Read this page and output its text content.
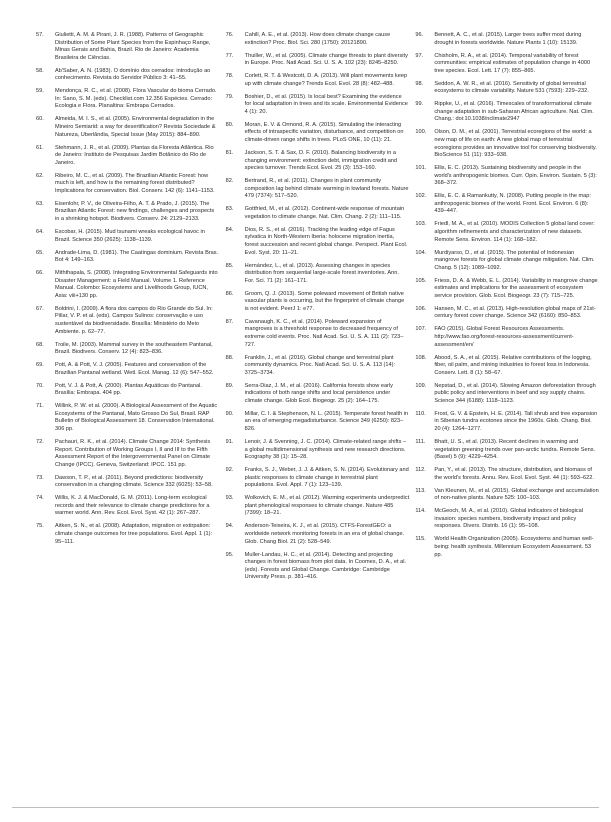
57.	Giulietti, A. M. & Pirani, J. R. (1988). Patterns of Geographic Distribution of Some Plant Species from the Espinhaço Range, Minas Gerais and Bahia, Brazil. Rio de Janeiro: Academia Brasileira de Ciências.
58.	Ab'Saber, A. N. (1983). O domínio dos cerrados: introdução ao conhecimento. Revista do Servidor Público 3: 41–55.
59.	Mendonça, R. C., et al. (2008). Flora Vascular do bioma Cerrado. In: Sano, S. M. (eds). Checklist.com 12.356 Espécies. Cerrado: Ecologia e Flora. Planaltina: Embrapa Cerrados.
60.	Almeida, M. I. S., et al. (2005). Environmental degradation in the Mineiro Semiarid: a way for desertification? Revista Sociedade & Natureza, Uberlândia, Special Issue (May 2015): 884–890.
61.	Stehmann, J. R., et al. (2009). Plantas da Floresta Atlântica. Rio de Janeiro: Instituto de Pesquisas Jardim Botânico do Rio de Janeiro.
62.	Ribeiro, M. C., et al. (2009). The Brazilian Atlantic Forest: how much is left, and how is the remaining forest distributed? Implications for conservation. Biol. Conserv. 142 (6): 1141–1153.
63.	Eisenlohr, P. V., de Oliveira-Filho, A. T. & Prado, J. (2015). The Brazilian Atlantic Forest: new findings, challenges and prospects in a shrinking hotspot. Biodivers. Conserv. 24: 2129–2133.
64.	Escobar, H. (2015). Mud tsunami wreaks ecological havoc in Brazil. Science 350 (2625): 1138–1139.
65.	Andrade-Lima, D. (1981). The Caatingas dominium. Revista Bras. Bot 4: 149–163.
66.	Miththapala, S. (2008). Integrating Environmental Safeguards into Disaster Management: a Field Manual. Volume 1. Reference Manual. Colombo: Ecosystems and Livelihoods Group, IUCN, Asia: viii+130 pp.
67.	Boldrini, I. (2009). A flora dos campos do Rio Grande do Sul. In: Pillar, V. P. et al. (eds). Campos Sulinos: conservação e uso sustentável da biodiversidade. Brasília: Ministério do Meio Ambiente. p. 62–77.
68.	Troile, M. (2003). Mammal survey in the southeastern Pantanal, Brazil. Biodivers. Conserv. 12 (4): 823–836.
69.	Pott, A. & Pott, V. J. (2005). Features and conservation of the Brazilian Pantanal wetland. Wetl. Ecol. Manag. 12 (6): 547–552.
70.	Pott, V. J. & Pott, A. (2000). Plantas Aquáticas do Pantanal. Brasília: Embrapa. 404 pp.
71.	Willink, P. W. et al. (2000). A Biological Assessment of the Aquatic Ecosystems of the Pantanal, Mato Grosso Do Sul, Brasil. RAP Bulletin of Biological Assessment 18. Conservation International. 306 pp.
72.	Pachauri, R. K., et al. (2014). Climate Change 2014: Synthesis Report. Contribution of Working Groups I, II and III to the Fifth Assessment Report of the Intergovernmental Panel on Climate Change (IPCC). Geneva, Switzerland: IPCC. 151 pp.
73.	Dawson, T. P., et al. (2011). Beyond predictions: biodiversity conservation in a changing climate. Science 332 (6025): 53–58.
74.	Willis, K. J. & MacDonald, G. M. (2011). Long-term ecological records and their relevance to climate change predictions for a warmer world. Ann. Rev. Ecol. Evol. Syst. 42 (1): 267–287.
75.	Aitken, S. N., et al. (2008). Adaptation, migration or extirpation: climate change outcomes for tree populations. Evol. Appl. 1 (1): 95–111.
76.	Cahill, A. E., et al. (2013). How does climate change cause extinction? Proc. Biol. Sci. 280 (1750): 20121890.
77.	Thuiller, W., et al. (2005). Climate change threats to plant diversity in Europe. Proc. Natl Acad. Sci. U. S. A. 102 (23): 8245–8250.
78.	Corlett, R. T. & Westcott, D. A. (2013). Will plant movements keep up with climate change? Trends Ecol. Evol. 28 (8): 482–488.
79.	Boshier, D., et al. (2015). Is local best? Examining the evidence for local adaptation in trees and its scale. Environmental Evidence 4 (1): 20.
80.	Moran, E. V. & Ormond, R. A. (2015). Simulating the interacting effects of intraspecific variation, disturbance, and competition on climate-driven range shifts in trees. PLoS ONE, 10 (11): 21.
81.	Jackson, S. T. & Sax, D. F. (2010). Balancing biodiversity in a changing environment: extinction debt, immigration credit and species turnover. Trends Ecol. Evol. 25 (3): 153–160.
82.	Bertrand, R., et al. (2011). Changes in plant community composition lag behind climate warming in lowland forests. Nature 479 (7374): 517–520.
83.	Gottfried, M., et al. (2012). Continent-wide response of mountain vegetation to climate change. Nat. Clim. Chang. 2 (2): 111–115.
84.	Dios, R. S., et al. (2016). Tracking the leading edge of Fagus sylvatica in North-Western Iberia: holocene migration inertia, forest succession and recent global change. Perspect. Plant Ecol. Evol. Syst. 20: 11–21.
85.	Hernández, L., et al. (2013). Assessing changes in species distribution from sequential large-scale forest inventories. Ann. For. Sci. 71 (2): 161–171.
86.	Groom, Q. J. (2013). Some poleward movement of British native vascular plants is occurring, but the fingerprint of climate change is not evident. PeerJ 1: e77.
87.	Cavanaugh, K. C., et al. (2014). Poleward expansion of mangroves is a threshold response to decreased frequency of extreme cold events. Proc. Natl Acad. Sci. U. S. A. 111 (2): 723–727.
88.	Franklin, J., et al. (2016). Global change and terrestrial plant community dynamics. Proc. Natl Acad. Sci. U. S. A. 113 (14): 3725–3734.
89.	Serra-Diaz, J. M., et al. (2016). California forests show early indications of both range shifts and local persistence under climate change. Glob Ecol. Biogeogr. 25 (2): 164–175.
90.	Millar, C. I. & Stephenson, N. L. (2015). Temperate forest health in an era of emerging megadisturbance. Science 349 (6250): 823–826.
91.	Lenoir, J. & Svenning, J. C. (2014). Climate-related range shifts – a global multidimensional synthesis and new research directions. Ecography 38 (1): 15–28.
92.	Franks, S. J., Weber, J. J. & Aitken, S. N. (2014). Evolutionary and plastic responses to climate change in terrestrial plant populations. Evol. Appl. 7 (1): 123–139.
93.	Wolkovich, E. M., et al. (2012). Warming experiments underpredict plant phenological responses to climate change. Nature 485 (7399): 18–21.
94.	Anderson-Teixeira, K. J., et al. (2015). CTFS-ForestGEO: a worldwide network monitoring forests in an era of global change. Glob. Chang Biol. 21 (2): 528–549.
95.	Muller-Landau, H. C., et al. (2014). Detecting and projecting changes in forest biomass from plot data. In Coomes, D. A., et al. (eds). Forests and Global Change. Cambridge: Cambridge University Press. p. 381–416.
96.	Bennett, A. C., et al. (2015). Larger trees suffer most during drought in forests worldwide. Nature Plants 1 (10): 15139.
97.	Chisholm, R. A., et al. (2014). Temporal variability of forest communities: empirical estimates of population change in 4000 tree species. Ecol. Lett. 17 (7): 855–865.
98.	Seddon, A. W. R., et al. (2016). Sensitivity of global terrestrial ecosystems to climate variability. Nature 531 (7593): 229–232.
99.	Rippke, U., et al. (2016). Timescales of transformational climate change adaptation in sub-Saharan African agriculture. Nat. Clim. Chang.: doi:10.1038/nclimate2947
100.	Olson, D. M., et al. (2001). Terrestrial ecoregions of the world: a new map of life on earth: A new global map of terrestrial ecoregions provides an innovative tool for conserving biodiversity. BioScience 51 (11): 933–938.
101.	Ellis, E. C. (2013). Sustaining biodiversity and people in the world's anthropogenic biomes. Curr. Opin. Environ. Sustain. 5 (3): 368–372.
102.	Ellis, E. C. & Ramankutty, N. (2008). Putting people in the map: anthropogenic biomes of the world. Front. Ecol. Environ. 6 (8): 439–447.
103.	Friedl, M. A., et al. (2010). MODIS Collection 5 global land cover: algorithm refinements and characterization of new datasets. Remote Sens. Environ. 114 (1): 168–182.
104.	Murdiyarso, D., et al. (2015). The potential of Indonesian mangrove forests for global climate change mitigation. Nat. Clim. Chang. 5 (12): 1089–1092.
105.	Friess, D. A. & Webb, E. L. (2014). Variability in mangrove change estimates and implications for the assessment of ecosystem service provision. Glob. Ecol. Biogeogr. 23 (7): 715–725.
106.	Hansen, M. C., et al. (2013). High-resolution global maps of 21st-century forest cover change. Science 342 (6160): 850–853.
107.	FAO (2015). Global Forest Resources Assessments. http://www.fao.org/forest-resources-assessment/current-assessment/en/
108.	Abood, S. A., et al. (2015). Relative contributions of the logging, fiber, oil palm, and mining industries to forest loss in Indonesia. Conserv. Lett. 8 (1): 58–67.
109.	Nepstad, D., et al. (2014). Slowing Amazon deforestation through public policy and interventions in beef and soy supply chains. Science 344 (6188): 1118–1123.
110.	Frost, G. V. & Epstein, H. E. (2014). Tall shrub and tree expansion in Siberian tundra ecotones since the 1960s. Glob. Chang. Biol. 20 (4): 1264–1277.
111.	Bhatt, U. S., et al. (2013). Recent declines in warming and vegetation greening trends over pan-arctic tundra. Remote Sens. (Basel) 5 (9): 4229–4254.
112.	Pan, Y., et al. (2013). The structure, distribution, and biomass of the world's forests. Annu. Rev. Ecol. Evol. Syst. 44 (1): 593–622.
113.	Van Kleunen, M., et al. (2015). Global exchange and accumulation of non-native plants. Nature 525: 100–103.
114.	McGeoch, M. A., et al. (2010). Global indicators of biological invasion: species numbers, biodiversity impact and policy responses. Divers. Distrib. 16 (1): 95–108.
115.	World Health Organization (2005). Ecosystems and human well-being: health synthesis. Millennium Ecosystem Assessment. 53 pp.
